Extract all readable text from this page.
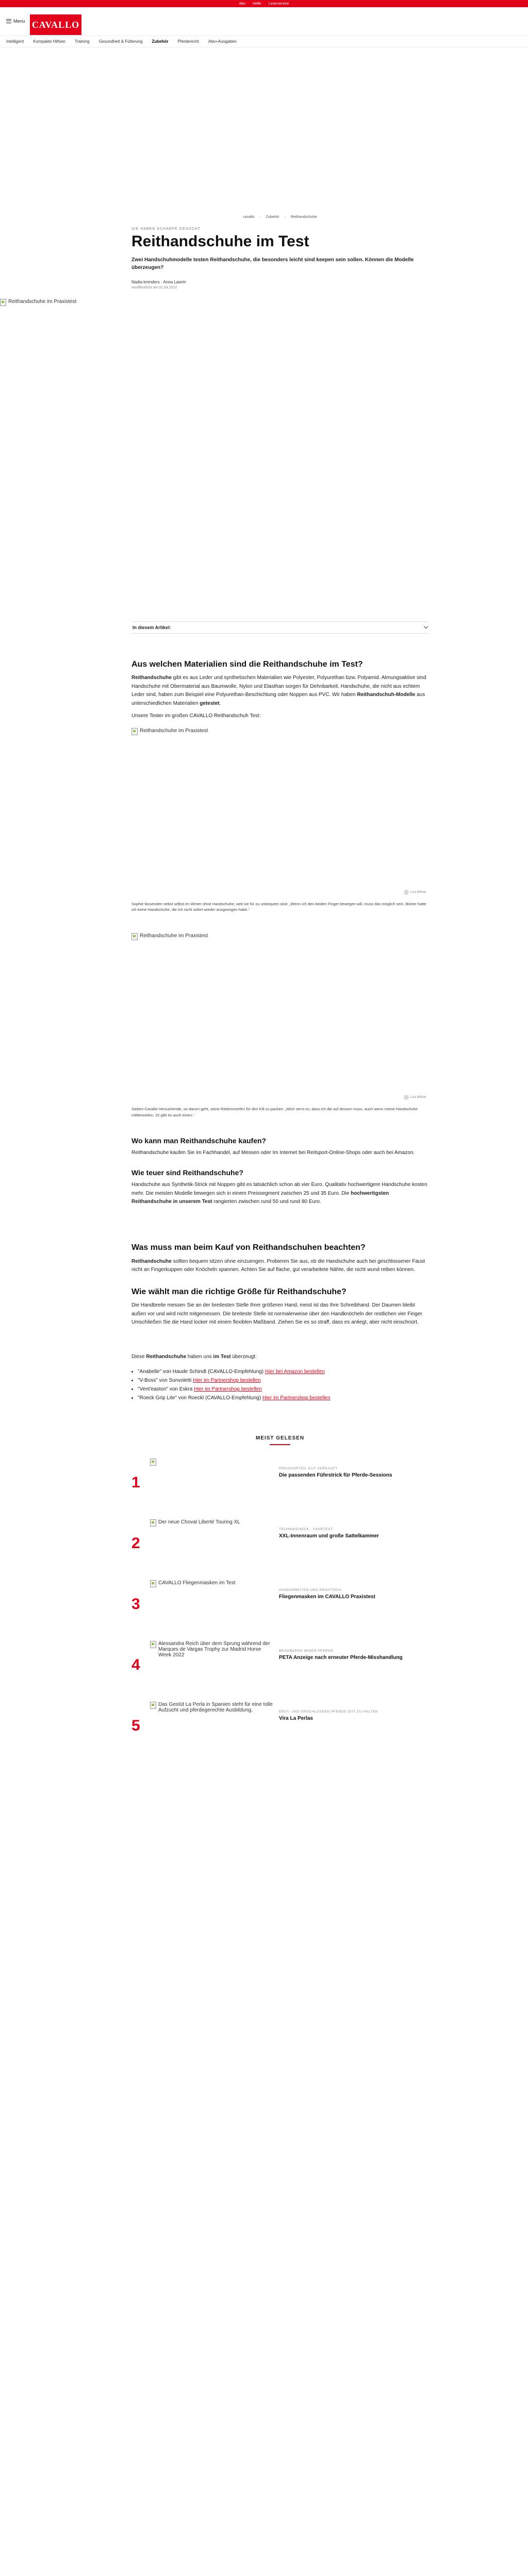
Abo Hefte Leserservice
Menu CAVALLO
Intelligent Kompakte Hilfsen Training Gesundheit & Fütterung Zubehör Pferderecht Abo+Ausgaben
cavallo › Zubehör › Reithandschuhe
SIE HABEN SCHÄRFE GESUCHT
Reithandschuhe im Test
Zwei Handschuhmodelle testen Reithandschuhe, die besonders leicht sind keepen sein sollen. Können die Modelle überzeugen?
Nadia brenders · Anna Lawrin
veröffentlicht am 01.04.2022
Reithandschuhe im Praxistest
In diesem Artikel:
Aus welchen Materialien sind die Reithandschuhe im Test?

Reithandschuhe gibt es aus Leder und synthetischen Materialien wie Polyester, Polyurethan bzw. Polyamid. Atmungsaktive sind Handschuhe mit Obermaterial aus Baumwolle, Nylon und Elasthan sorgen für Dehnbarkeit. Handschuhe, die nicht aus echtem Leder sind, haben zum Beispiel eine Polyurethan-Beschichtung oder Noppen aus PVC. Wir haben Reithandschuh-Modelle aus unterschiedlichen Materialien getestet.

Unsere Tester im großen CAVALLO Reithandschuh Test:

Reithandschuhe im Praxistest
Lisa Mittner
Sophie fassenden nebst selbst im Winter ohne Handschuhe, weil sie für zu unbequem sind: „Wenn ich den beiden Finger bewegen will, muss das möglich sein. Bisher hatte ich keine Handschuhe, die ich nicht sofort wieder ausgezogen habe.“
Reithandschuhe im Praxistest
Lisa Mittner
Sieben Cavallo-Versuchende, so darum geht, seine Reiterinnerfen für den Kill zu packen: „Mich nervt es, dass ich die auf dessen muss, auch wenn meine Handschuhe mittlerweilen, 15 gibt es auch einen.“
Wo kann man Reithandschuhe kaufen?

Reithandschuhe kaufen Sie im Fachhandel, auf Messen oder Im Internet bei Reitsport-Online-Shops oder auch bei Amazon.

Wie teuer sind Reithandschuhe?

Handschuhe aus Synthetik-Strick mit Noppen gibt es tatsächlich schon ab vier Euro. Qualitativ hochwertigere Handschuhe kosten mehr. Die meisten Modelle bewegen sich in einem Preissegment zwischen 25 und 35 Euro. Die hochwertigsten Reithandschuhe in unserem Test rangierten zwischen rund 50 und rund 80 Euro.

Was muss man beim Kauf von Reithandschuhen beachten?

Reithandschuhe sollten bequem sitzen ohne einzuengen. Probieren Sie aus, ob die Handschuhe auch bei geschlossener Faust nicht an Fingerkuppen oder Knöcheln spannen. Achten Sie auf flache, gut verarbeitete Nähte, die nicht wund reiben können.

Wie wählt man die richtige Größe für Reithandschuhe?

Die Handbreite messen Sie an der breitesten Stelle Ihrer größeren Hand, meist ist das Ihre Schreibhand. Der Daumen bleibt außen vor und wird nicht mitgemessen. Die breiteste Stelle ist normalerweise über den Handknöcheln der restlichen vier Finger. Umschließen Sie die Hand locker mit einem flexiblen Maßband. Ziehen Sie es so straff, dass es anliegt, aber nicht einschnürt.

Diese Reithandschuhe haben uns im Test überzeugt:

• "Anabelle" von Haude Schindt (CAVALLO-Empfehlung) Hier bei Amazon bestellen
• "V-Boss" von Sunvoletti Hier im Partnershop bestellen
• "Vent'easton" von Eskra Hier im Partnershop bestellen
• "Roeck Grip Lite" von Roeckl (CAVALLO-Empfehlung) Hier im Partnershop bestellen
MEIST GELESEN
1
PREISVORTEIL GUT VERKAUFT
Die passenden Führstrick für Pferde-Sessions
2
Der neue Choval Liberté Touring XL
TECHNIKCHECK · FAHRTEST
XXL-Innenraum und große Sattelkammer
3
CAVALLO Fliegenmasken im Test
HANDARBEITEN UND PRAKTISCH
Fliegenmasken im CAVALLO Praxistest
4
Alessandra Reich über dem Sprung während der Marques de Vargas Trophy zur Madrid Horse Week 2022
BESONDERS WIDER PFERDE
PETA Anzeige nach erneuter Pferde-Misshandlung
5
Das Gestüt La Perla in Spanien steht für eine tolle Aufzucht und pferdegerechte Ausbildung.	ERST- UND ERSCHLOSSEN PFERDE GUT ZU HALTEN
Vira La Perlas
